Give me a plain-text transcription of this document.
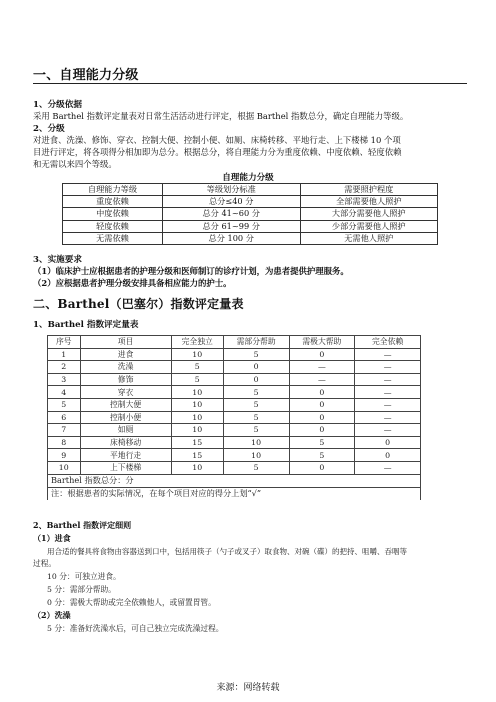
一、自理能力分级
1、分级依据
采用 Barthel 指数评定量表对日常生活活动进行评定，根据 Barthel 指数总分，确定自理能力等级。
2、分级
对进食、洗澡、修饰、穿衣、控制大便、控制小便、如厕、床椅转移、平地行走、上下楼梯 10 个项
目进行评定，将各项得分相加即为总分。根据总分，将自理能力分为重度依赖、中度依赖、轻度依赖
和无需以来四个等级。
自理能力分级
自理能力等级	等级划分标准	需要照护程度
重度依赖	总分≤40 分	全部需要他人照护
中度依赖	总分 41~60 分	大部分需要他人照护
轻度依赖	总分 61~99 分	少部分需要他人照护
无需依赖	总分 100 分	无需他人照护
3、实施要求
（1）临床护士应根据患者的护理分级和医师制订的诊疗计划，为患者提供护理服务。
（2）应根据患者护理分级安排具备相应能力的护士。
二、Barthel（巴塞尔）指数评定量表
1、Barthel 指数评定量表
序号	项目	完全独立	需部分帮助	需极大帮助	完全依赖
1	进食	10	5	0	—
2	洗澡	5	0	—	—
3	修饰	5	0	—	—
4	穿衣	10	5	0	—
5	控制大便	10	5	0	—
6	控制小便	10	5	0	—
7	如厕	10	5	0	—
8	床椅移动	15	10	5	0
9	平地行走	15	10	5	0
10	上下楼梯	10	5	0	—
Barthel 指数总分：分					
注：根据患者的实际情况，在每个项目对应的得分上划“√”					
2、Barthel 指数评定细则
（1）进食
用合适的餐具将食物由容器送到口中，包括用筷子（勺子或叉子）取食物、对碗（碟）的把持、咀嚼、吞咽等
过程。
10 分：可独立进食。
5 分：需部分帮助。
0 分：需极大帮助或完全依赖他人，或留置胃管。
（2）洗澡
5 分：准备好洗澡水后，可自己独立完成洗澡过程。
来源：网络转载
